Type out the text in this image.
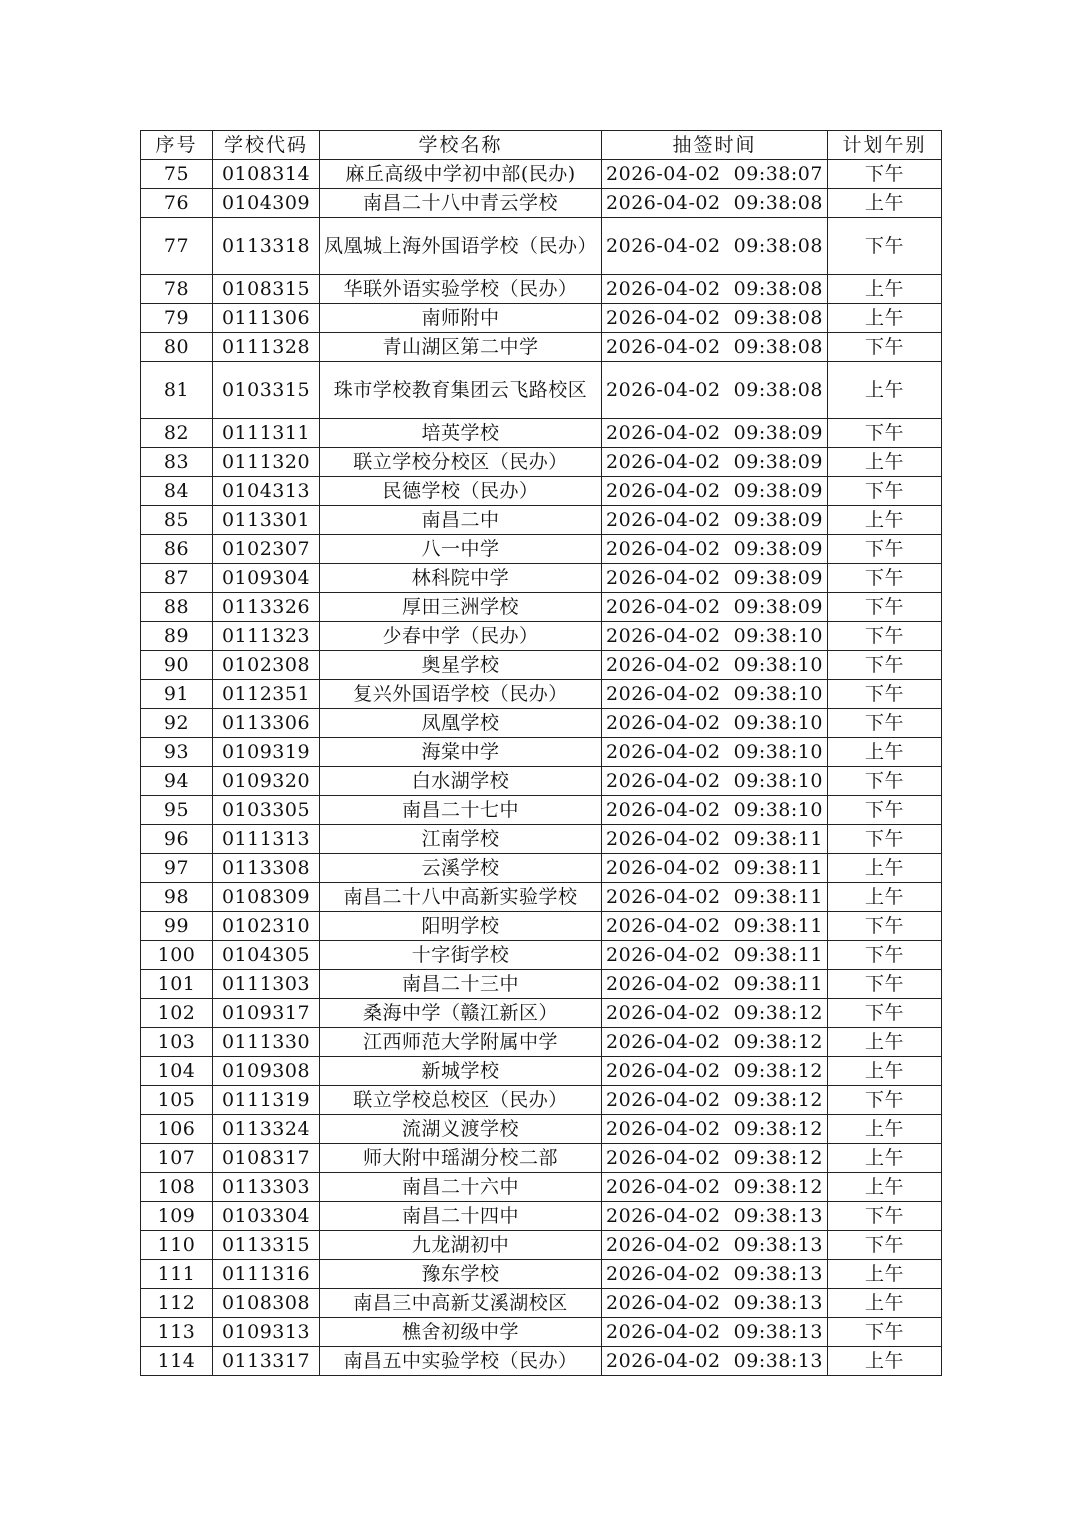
序号	学校代码	学校名称	抽签时间	计划午别
75	0108314	麻丘高级中学初中部(民办)	2026-04-02  09:38:07	下午
76	0104309	南昌二十八中青云学校	2026-04-02  09:38:08	上午
77	0113318	凤凰城上海外国语学校（民办）	2026-04-02  09:38:08	下午
78	0108315	华联外语实验学校（民办）	2026-04-02  09:38:08	上午
79	0111306	南师附中	2026-04-02  09:38:08	上午
80	0111328	青山湖区第二中学	2026-04-02  09:38:08	下午
81	0103315	珠市学校教育集团云飞路校区	2026-04-02  09:38:08	上午
82	0111311	培英学校	2026-04-02  09:38:09	下午
83	0111320	联立学校分校区（民办）	2026-04-02  09:38:09	上午
84	0104313	民德学校（民办）	2026-04-02  09:38:09	下午
85	0113301	南昌二中	2026-04-02  09:38:09	上午
86	0102307	八一中学	2026-04-02  09:38:09	下午
87	0109304	林科院中学	2026-04-02  09:38:09	下午
88	0113326	厚田三洲学校	2026-04-02  09:38:09	下午
89	0111323	少春中学（民办）	2026-04-02  09:38:10	下午
90	0102308	奥星学校	2026-04-02  09:38:10	下午
91	0112351	复兴外国语学校（民办）	2026-04-02  09:38:10	下午
92	0113306	凤凰学校	2026-04-02  09:38:10	下午
93	0109319	海棠中学	2026-04-02  09:38:10	上午
94	0109320	白水湖学校	2026-04-02  09:38:10	下午
95	0103305	南昌二十七中	2026-04-02  09:38:10	下午
96	0111313	江南学校	2026-04-02  09:38:11	下午
97	0113308	云溪学校	2026-04-02  09:38:11	上午
98	0108309	南昌二十八中高新实验学校	2026-04-02  09:38:11	上午
99	0102310	阳明学校	2026-04-02  09:38:11	下午
100	0104305	十字街学校	2026-04-02  09:38:11	下午
101	0111303	南昌二十三中	2026-04-02  09:38:11	下午
102	0109317	桑海中学（赣江新区）	2026-04-02  09:38:12	下午
103	0111330	江西师范大学附属中学	2026-04-02  09:38:12	上午
104	0109308	新城学校	2026-04-02  09:38:12	上午
105	0111319	联立学校总校区（民办）	2026-04-02  09:38:12	下午
106	0113324	流湖义渡学校	2026-04-02  09:38:12	上午
107	0108317	师大附中瑶湖分校二部	2026-04-02  09:38:12	上午
108	0113303	南昌二十六中	2026-04-02  09:38:12	上午
109	0103304	南昌二十四中	2026-04-02  09:38:13	下午
110	0113315	九龙湖初中	2026-04-02  09:38:13	下午
111	0111316	豫东学校	2026-04-02  09:38:13	上午
112	0108308	南昌三中高新艾溪湖校区	2026-04-02  09:38:13	上午
113	0109313	樵舍初级中学	2026-04-02  09:38:13	下午
114	0113317	南昌五中实验学校（民办）	2026-04-02  09:38:13	上午
